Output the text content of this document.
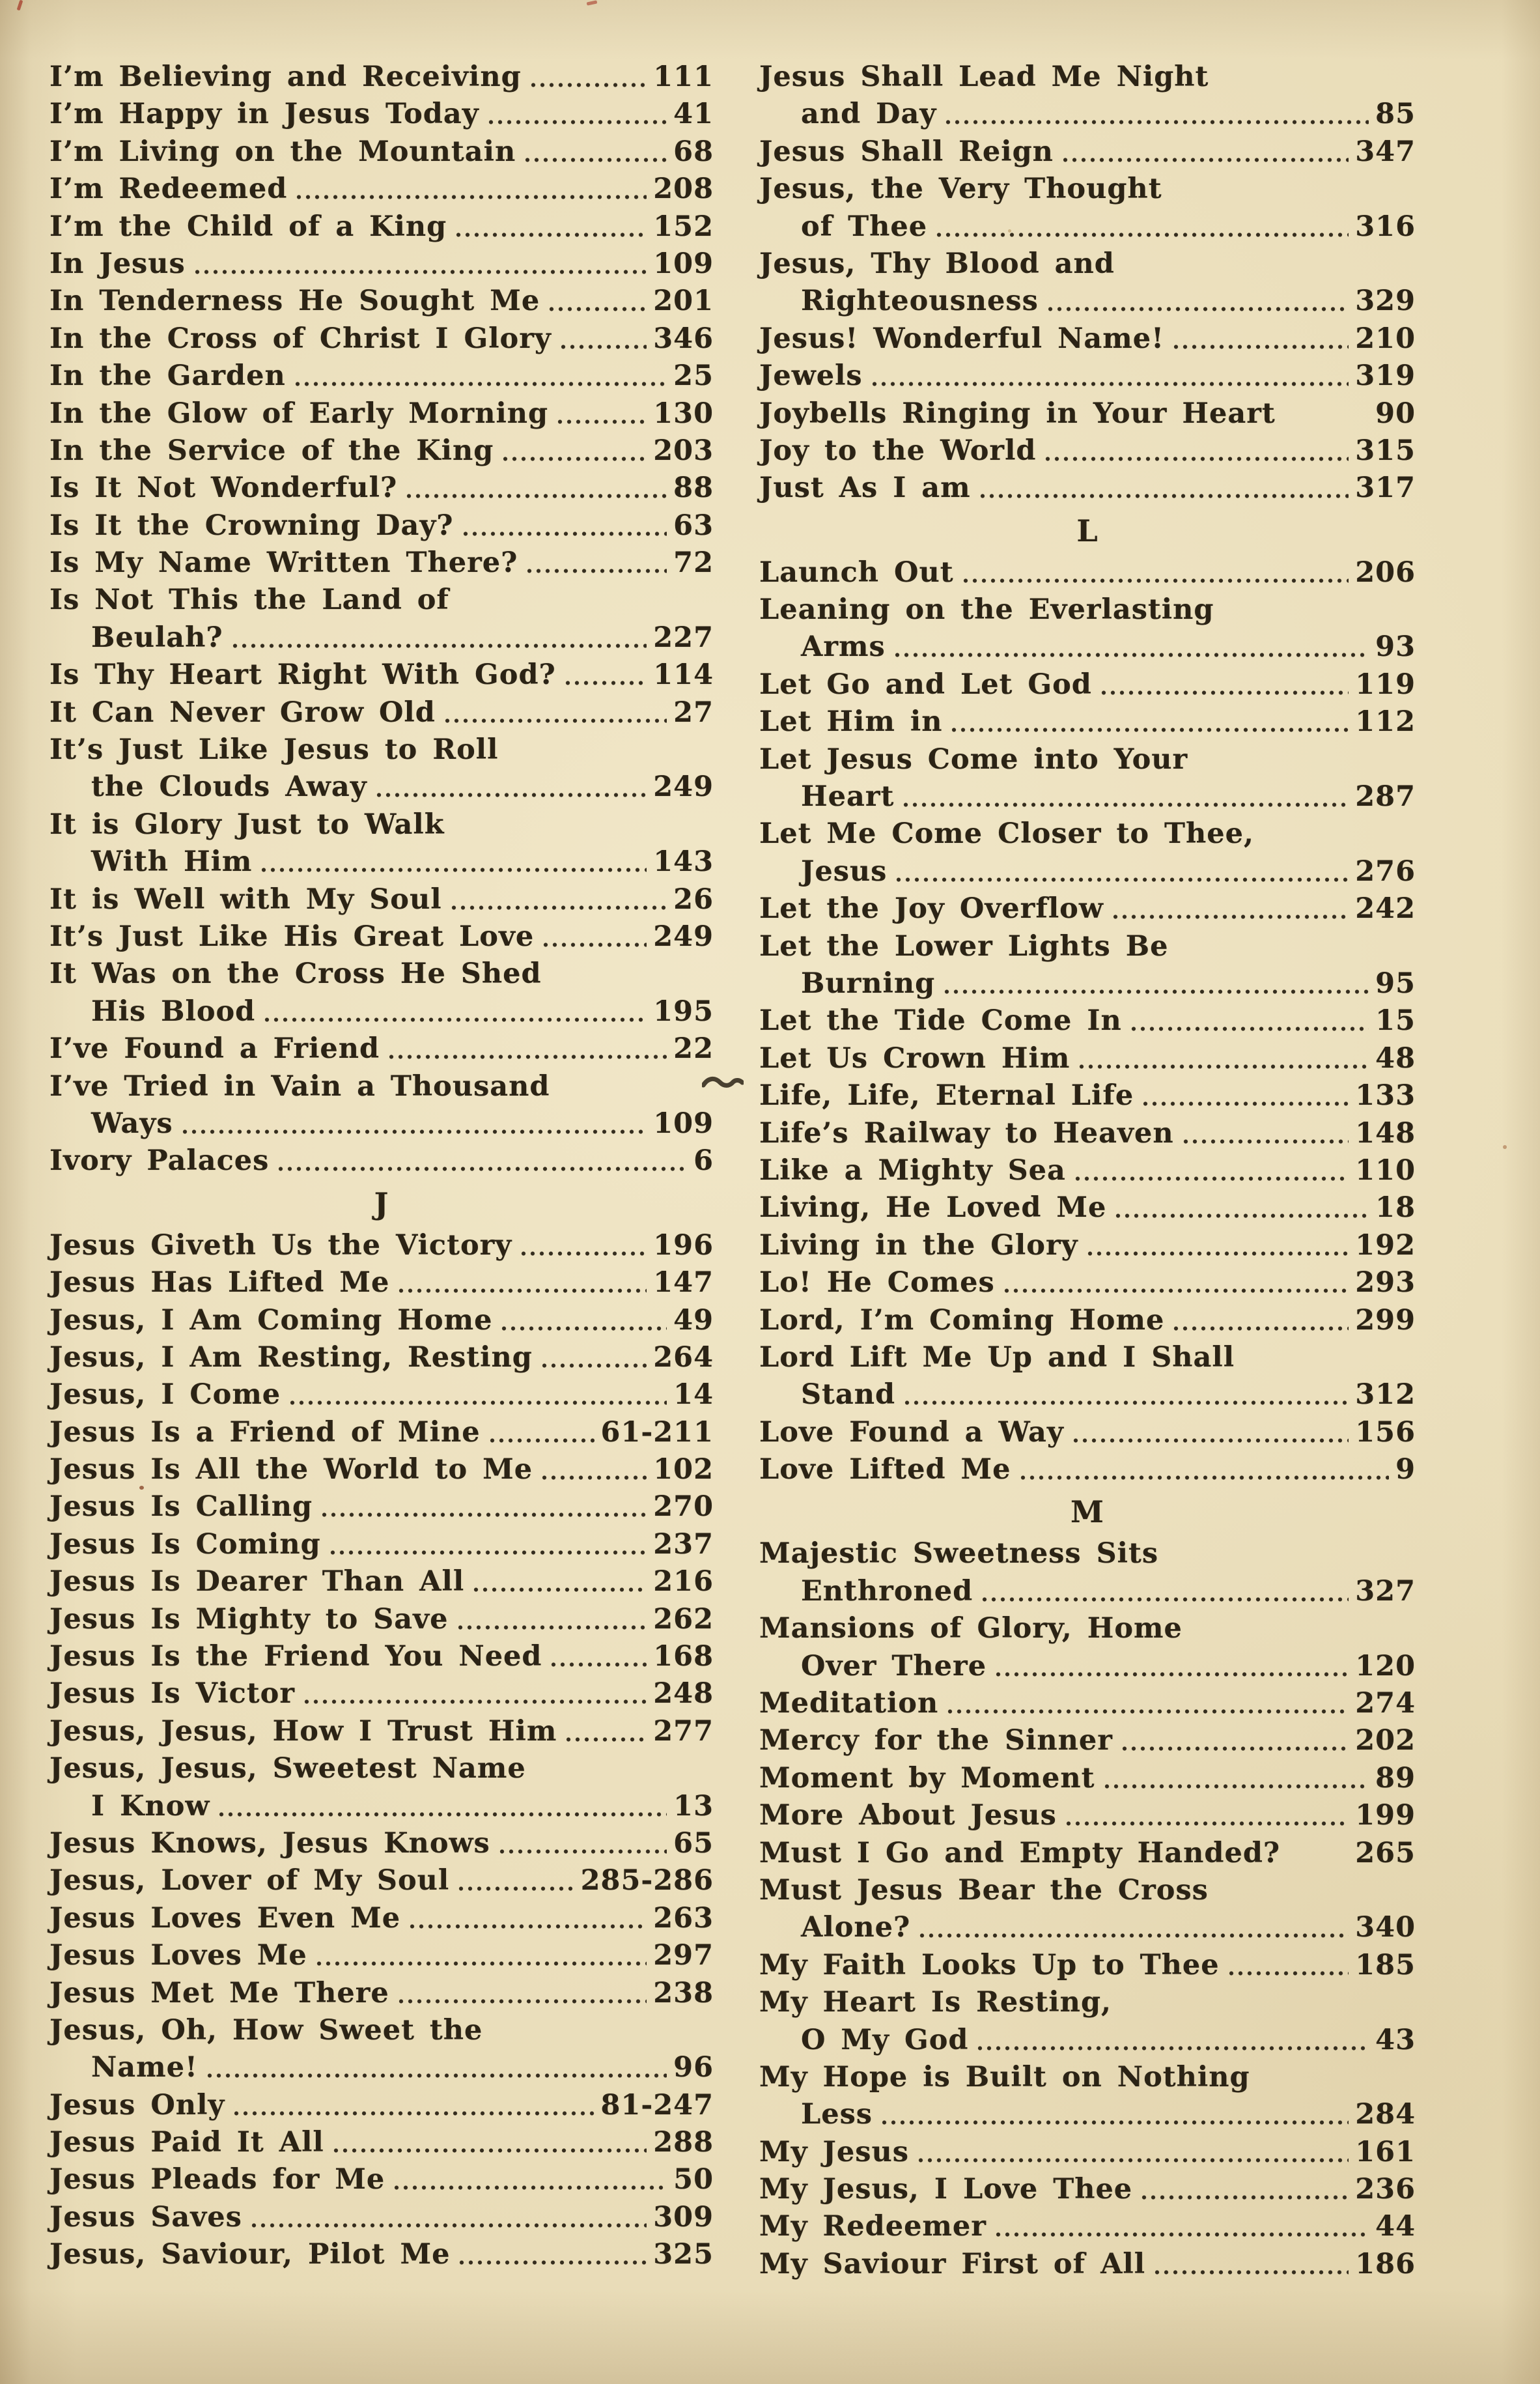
I’m Believing and Receiving	111
I’m Happy in Jesus Today	41
I’m Living on the Mountain	68
I’m Redeemed	208
I’m the Child of a King	152
In Jesus	109
In Tenderness He Sought Me	201
In the Cross of Christ I Glory	346
In the Garden	25
In the Glow of Early Morning	130
In the Service of the King	203
Is It Not Wonderful?	88
Is It the Crowning Day?	63
Is My Name Written There?	72
Is Not This the Land of
Beulah?	227
Is Thy Heart Right With God?	114
It Can Never Grow Old	27
It’s Just Like Jesus to Roll
the Clouds Away	249
It is Glory Just to Walk
With Him	143
It is Well with My Soul	26
It’s Just Like His Great Love	249
It Was on the Cross He Shed
His Blood	195
I’ve Found a Friend	22
I’ve Tried in Vain a Thousand
Ways	109
Ivory Palaces	6
J
Jesus Giveth Us the Victory	196
Jesus Has Lifted Me	147
Jesus, I Am Coming Home	49
Jesus, I Am Resting, Resting	264
Jesus, I Come	14
Jesus Is a Friend of Mine	61-211
Jesus Is All the World to Me	102
Jesus Is Calling	270
Jesus Is Coming	237
Jesus Is Dearer Than All	216
Jesus Is Mighty to Save	262
Jesus Is the Friend You Need	168
Jesus Is Victor	248
Jesus, Jesus, How I Trust Him	277
Jesus, Jesus, Sweetest Name
I Know	13
Jesus Knows, Jesus Knows	65
Jesus, Lover of My Soul	285-286
Jesus Loves Even Me	263
Jesus Loves Me	297
Jesus Met Me There	238
Jesus, Oh, How Sweet the
Name!	96
Jesus Only	81-247
Jesus Paid It All	288
Jesus Pleads for Me	50
Jesus Saves	309
Jesus, Saviour, Pilot Me	325
Jesus Shall Lead Me Night
and Day	85
Jesus Shall Reign	347
Jesus, the Very Thought
of Thee	316
Jesus, Thy Blood and
Righteousness	329
Jesus! Wonderful Name!	210
Jewels	319
Joybells Ringing in Your Heart	90
Joy to the World	315
Just As I am	317
L
Launch Out	206
Leaning on the Everlasting
Arms	93
Let Go and Let God	119
Let Him in	112
Let Jesus Come into Your
Heart	287
Let Me Come Closer to Thee,
Jesus	276
Let the Joy Overflow	242
Let the Lower Lights Be
Burning	95
Let the Tide Come In	15
Let Us Crown Him	48
Life, Life, Eternal Life	133
Life’s Railway to Heaven	148
Like a Mighty Sea	110
Living, He Loved Me	18
Living in the Glory	192
Lo! He Comes	293
Lord, I’m Coming Home	299
Lord Lift Me Up and I Shall
Stand	312
Love Found a Way	156
Love Lifted Me	9
M
Majestic Sweetness Sits
Enthroned	327
Mansions of Glory, Home
Over There	120
Meditation	274
Mercy for the Sinner	202
Moment by Moment	89
More About Jesus	199
Must I Go and Empty Handed?	265
Must Jesus Bear the Cross
Alone?	340
My Faith Looks Up to Thee	185
My Heart Is Resting,
O My God	43
My Hope is Built on Nothing
Less	284
My Jesus	161
My Jesus, I Love Thee	236
My Redeemer	44
My Saviour First of All	186
